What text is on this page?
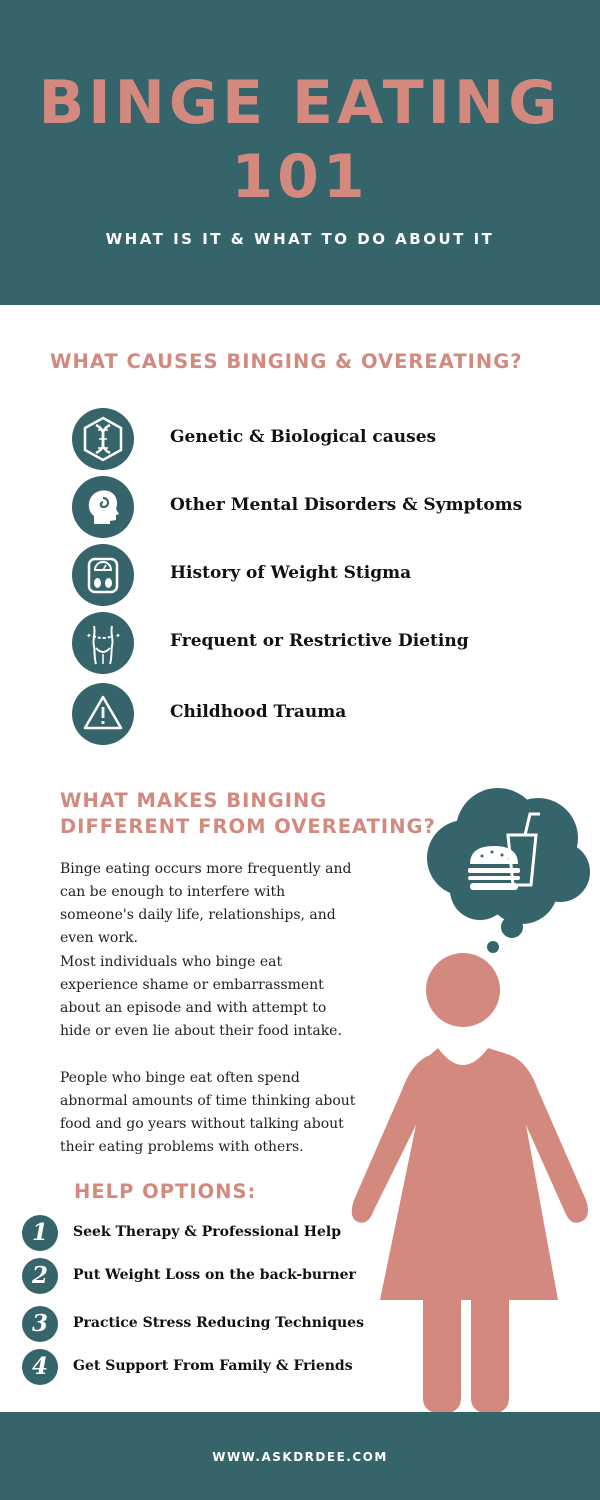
BINGE EATING
101
WHAT IS IT & WHAT TO DO ABOUT IT
WHAT CAUSES BINGING & OVEREATING?
Genetic & Biological causes
Other Mental Disorders & Symptoms
History of Weight Stigma
✦	✦	Frequent or Restrictive Dieting
Childhood Trauma
WHAT MAKES BINGING DIFFERENT FROM OVEREATING?
Binge eating occurs more frequently and can be enough to interfere with someone's daily life, relationships, and even work.
Most individuals who binge eat experience shame or embarrassment about an episode and with attempt to hide or even lie about their food intake.
People who binge eat often spend abnormal amounts of time thinking about food and go years without talking about their eating problems with others.
HELP OPTIONS:
1	Seek Therapy & Professional Help
2	Put Weight Loss on the back-burner
3	Practice Stress Reducing Techniques
4	Get Support From Family & Friends
WWW.ASKDRDEE.COM
